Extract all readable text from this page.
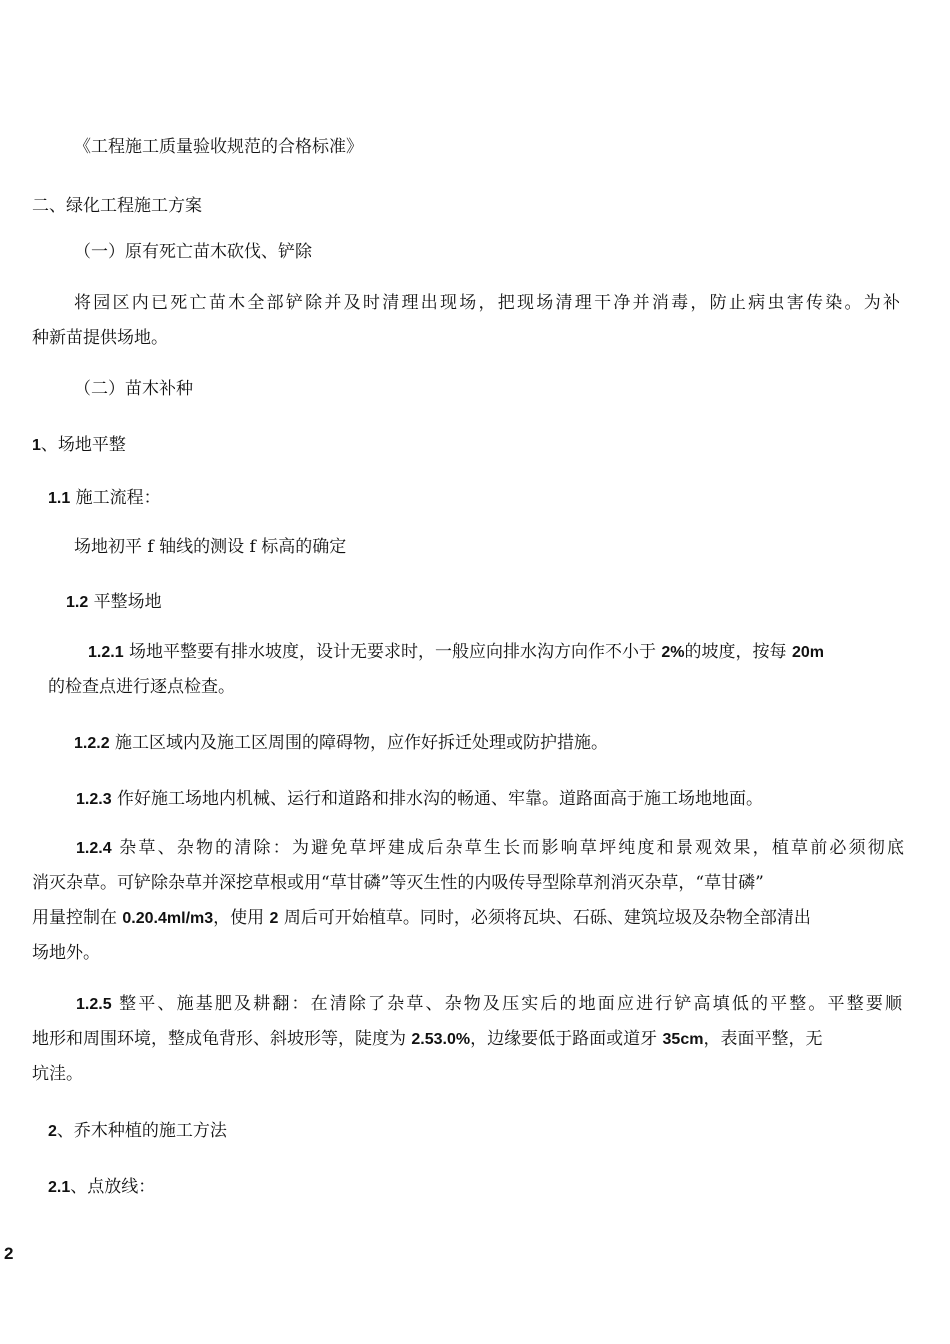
《工程施工质量验收规范的合格标准》

二、绿化工程施工方案

（一）原有死亡苗木砍伐、铲除

将园区内已死亡苗木全部铲除并及时清理出现场，把现场清理干净并消毒，防止病虫害传染。为补

种新苗提供场地。

（二）苗木补种

1、场地平整

1.1 施工流程：

场地初平 f 轴线的测设 f 标高的确定

1.2 平整场地

1.2.1 场地平整要有排水坡度，设计无要求时，一般应向排水沟方向作不小于 2%的坡度，按每 20m

的检查点进行逐点检查。

1.2.2 施工区域内及施工区周围的障碍物，应作好拆迁处理或防护措施。

1.2.3 作好施工场地内机械、运行和道路和排水沟的畅通、牢靠。道路面高于施工场地地面。

1.2.4 杂草、杂物的清除：为避免草坪建成后杂草生长而影响草坪纯度和景观效果，植草前必须彻底

消灭杂草。可铲除杂草并深挖草根或用“草甘磷”等灭生性的内吸传导型除草剂消灭杂草，“草甘磷”

用量控制在 0.20.4ml/m3，使用 2 周后可开始植草。同时，必须将瓦块、石砾、建筑垃圾及杂物全部清出

场地外。

1.2.5 整平、施基肥及耕翻：在清除了杂草、杂物及压实后的地面应进行铲高填低的平整。平整要顺

地形和周围环境，整成龟背形、斜坡形等，陡度为 2.53.0%，边缘要低于路面或道牙 35cm，表面平整，无

坑洼。

2、乔木种植的施工方法

2.1、点放线：

2
